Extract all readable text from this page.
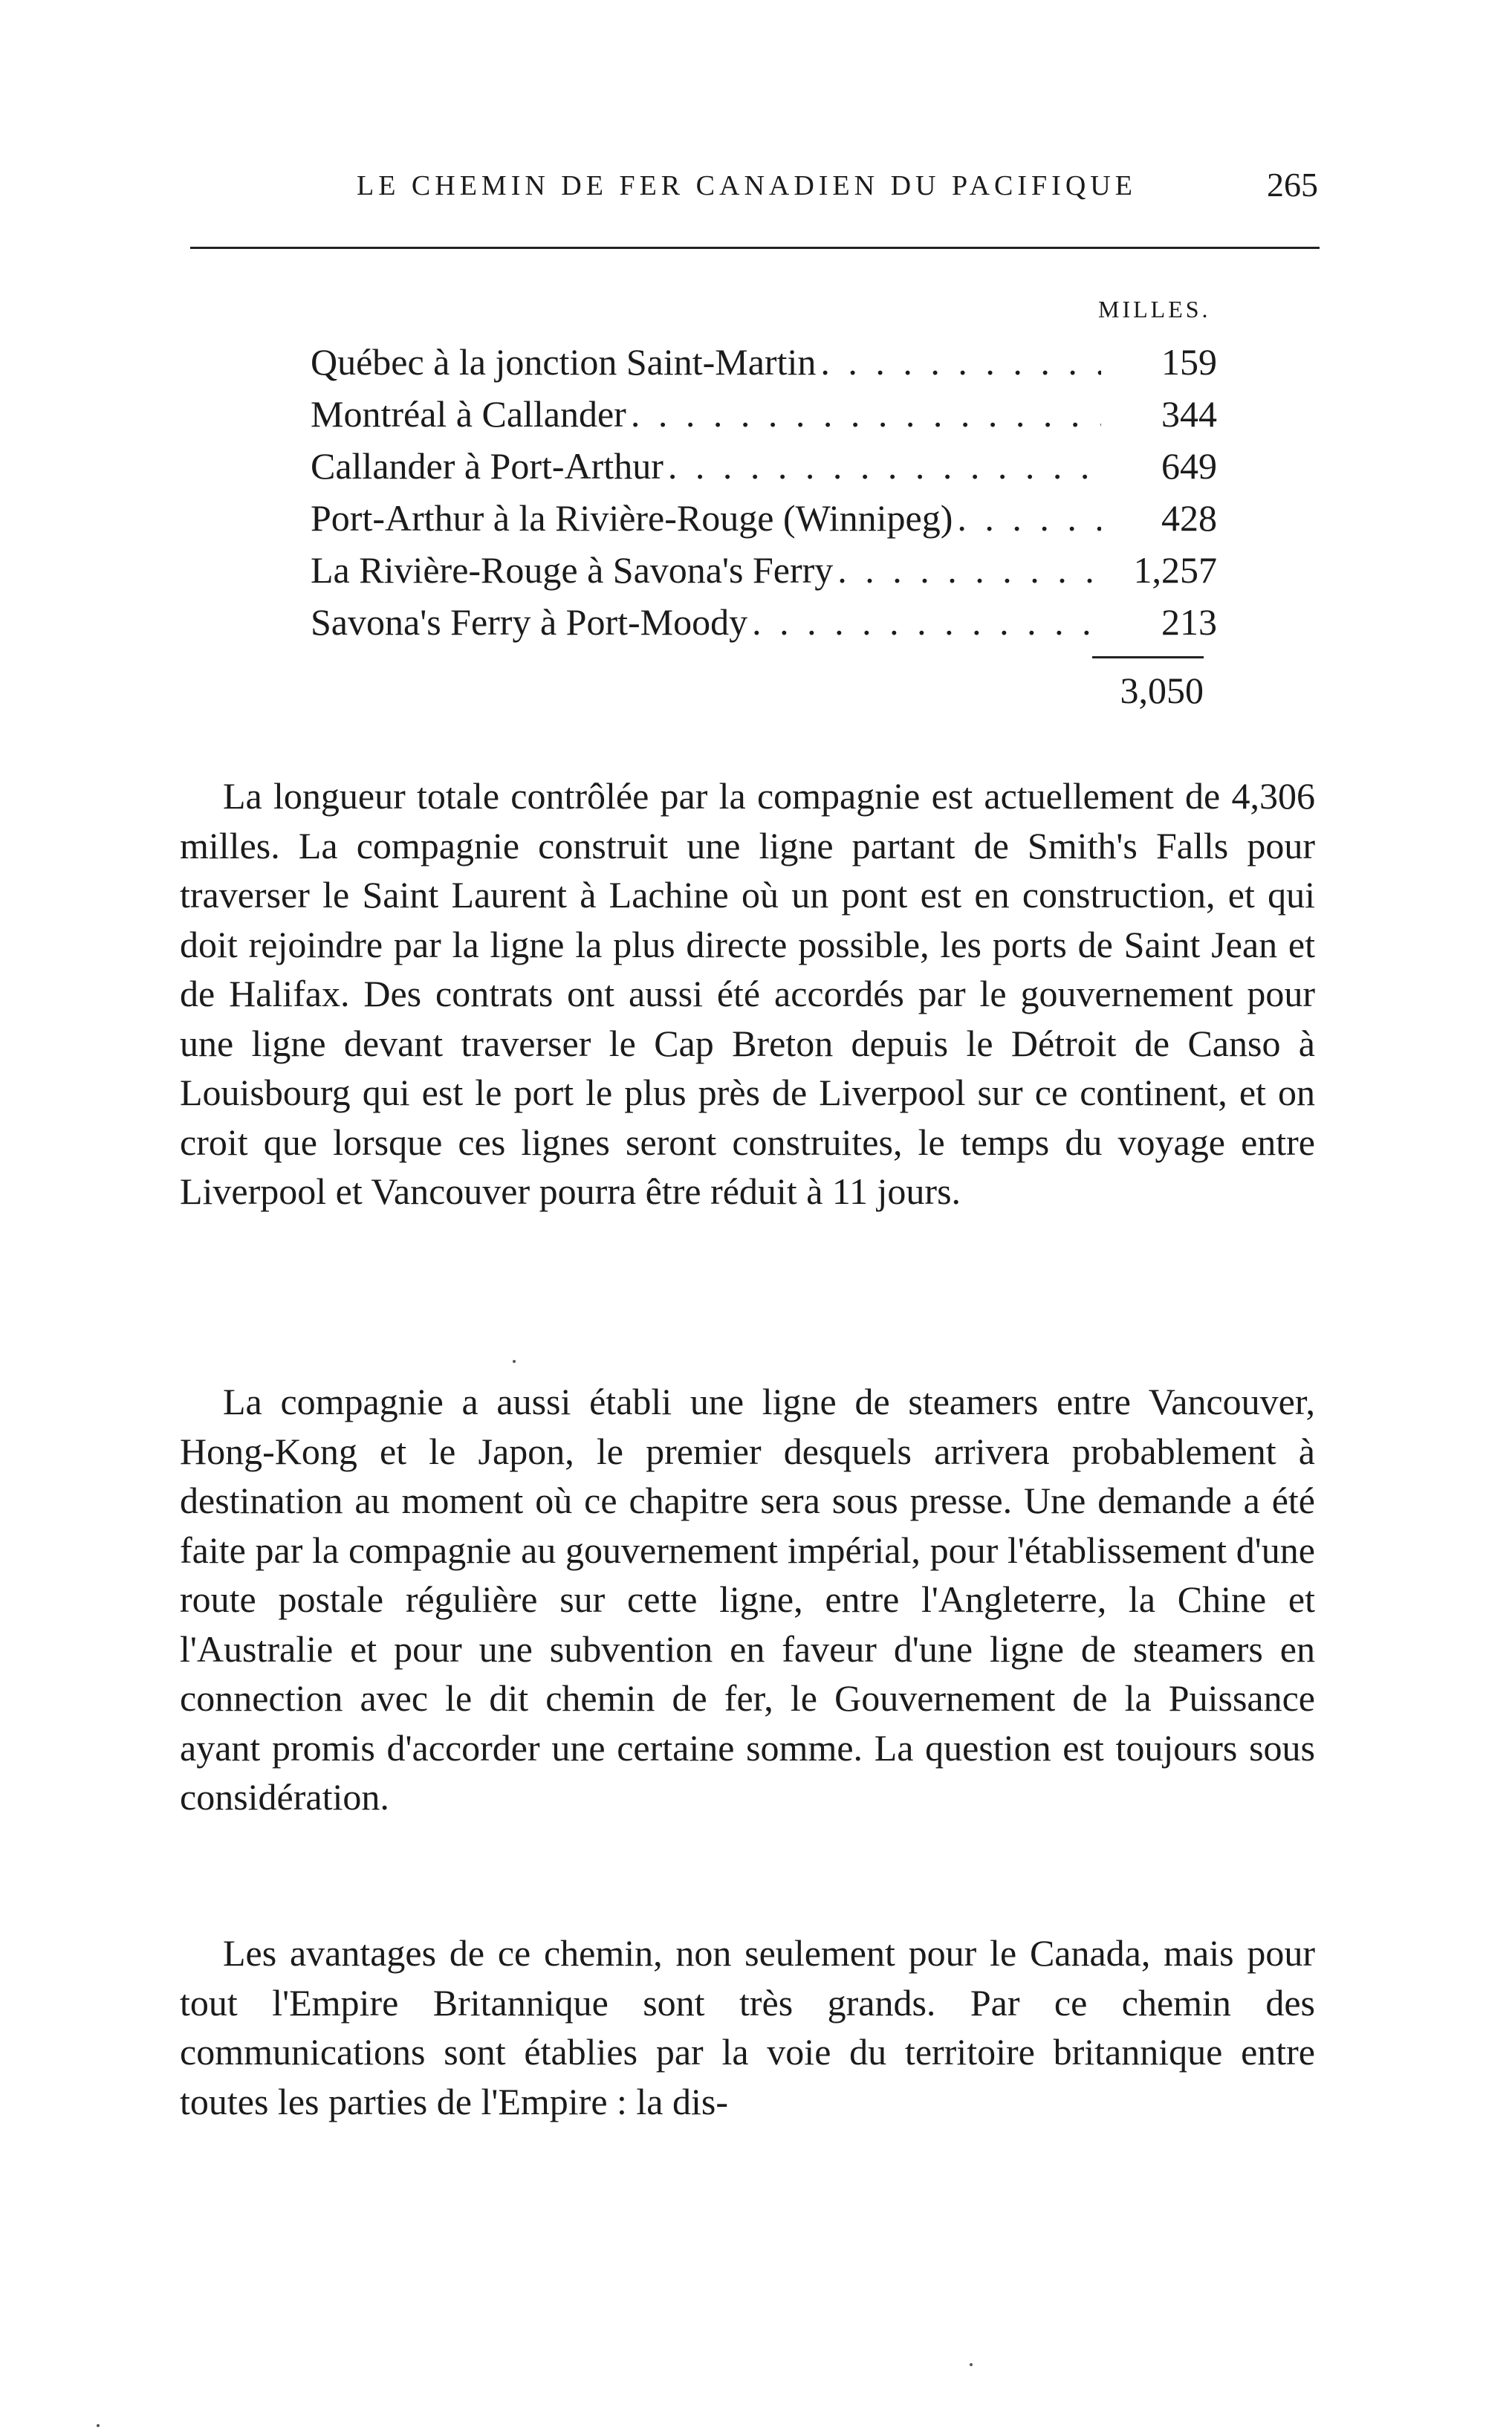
LE CHEMIN DE FER CANADIEN DU PACIFIQUE	265
MILLES.
Québec à la jonction Saint-Martin . . .	159
Montréal à Callander . . .	344
Callander à Port-Arthur . . .	649
Port-Arthur à la Rivière-Rouge (Winnipeg) . . .	428
La Rivière-Rouge à Savona's Ferry . . .	1,257
Savona's Ferry à Port-Moody . . .	213
3,050

La longueur totale contrôlée par la compagnie est actuellement de 4,306 milles. La compagnie construit une ligne partant de Smith's Falls pour traverser le Saint Laurent à Lachine où un pont est en construction, et qui doit rejoindre par la ligne la plus directe possible, les ports de Saint Jean et de Halifax. Des contrats ont aussi été accordés par le gouvernement pour une ligne devant traverser le Cap Breton depuis le Détroit de Canso à Louisbourg qui est le port le plus près de Liverpool sur ce continent, et on croit que lorsque ces lignes seront construites, le temps du voyage entre Liverpool et Vancouver pourra être réduit à 11 jours.

La compagnie a aussi établi une ligne de steamers entre Vancouver, Hong-Kong et le Japon, le premier desquels arrivera probablement à destination au moment où ce chapitre sera sous presse. Une demande a été faite par la compagnie au gouvernement impérial, pour l'établissement d'une route postale régulière sur cette ligne, entre l'Angleterre, la Chine et l'Australie et pour une subvention en faveur d'une ligne de steamers en connection avec le dit chemin de fer, le Gouvernement de la Puissance ayant promis d'accorder une certaine somme. La question est toujours sous considération.

Les avantages de ce chemin, non seulement pour le Canada, mais pour tout l'Empire Britannique sont très grands. Par ce chemin des communications sont établies par la voie du territoire britannique entre toutes les parties de l'Empire : la dis-
